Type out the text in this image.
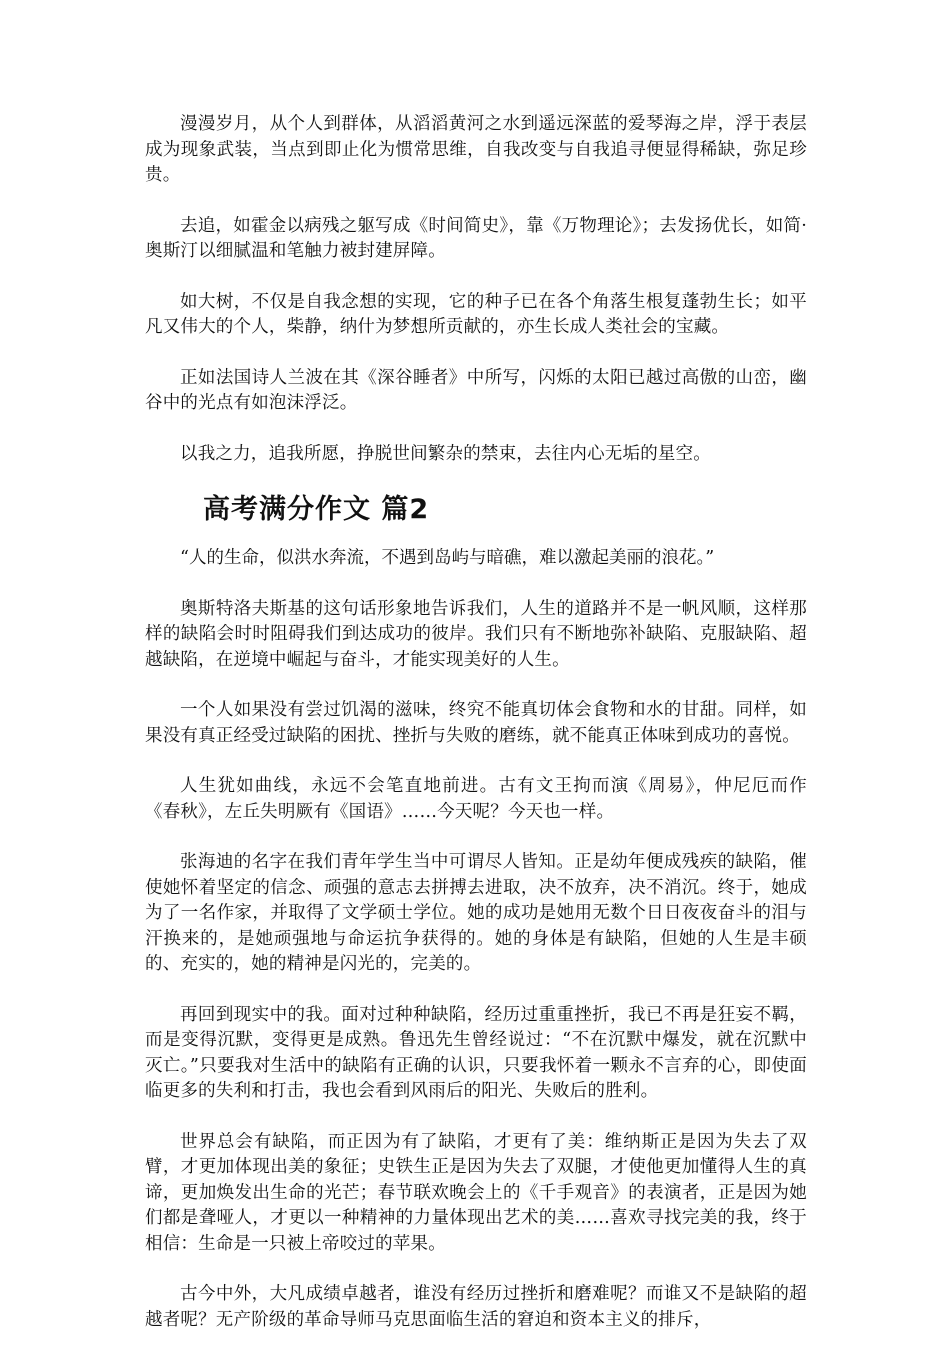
漫漫岁月，从个人到群体，从滔滔黄河之水到遥远深蓝的爱琴海之岸，浮于表层成为现象武装，当点到即止化为惯常思维，自我改变与自我追寻便显得稀缺，弥足珍贵。

去追，如霍金以病残之躯写成《时间简史》，靠《万物理论》；去发扬优长，如简·奥斯汀以细腻温和笔触力被封建屏障。

如大树，不仅是自我念想的实现，它的种子已在各个角落生根复蓬勃生长；如平凡又伟大的个人，柴静，纳什为梦想所贡献的，亦生长成人类社会的宝藏。

正如法国诗人兰波在其《深谷睡者》中所写，闪烁的太阳已越过高傲的山峦，幽谷中的光点有如泡沫浮泛。

以我之力，追我所愿，挣脱世间繁杂的禁束，去往内心无垢的星空。

高考满分作文 篇2

“人的生命，似洪水奔流，不遇到岛屿与暗礁，难以激起美丽的浪花。”

奥斯特洛夫斯基的这句话形象地告诉我们，人生的道路并不是一帆风顺，这样那样的缺陷会时时阻碍我们到达成功的彼岸。我们只有不断地弥补缺陷、克服缺陷、超越缺陷，在逆境中崛起与奋斗，才能实现美好的人生。

一个人如果没有尝过饥渴的滋味，终究不能真切体会食物和水的甘甜。同样，如果没有真正经受过缺陷的困扰、挫折与失败的磨练，就不能真正体味到成功的喜悦。

人生犹如曲线，永远不会笔直地前进。古有文王拘而演《周易》，仲尼厄而作《春秋》，左丘失明厥有《国语》……今天呢？今天也一样。

张海迪的名字在我们青年学生当中可谓尽人皆知。正是幼年便成残疾的缺陷，催使她怀着坚定的信念、顽强的意志去拼搏去进取，决不放弃，决不消沉。终于，她成为了一名作家，并取得了文学硕士学位。她的成功是她用无数个日日夜夜奋斗的泪与汗换来的，是她顽强地与命运抗争获得的。她的身体是有缺陷，但她的人生是丰硕的、充实的，她的精神是闪光的，完美的。

再回到现实中的我。面对过种种缺陷，经历过重重挫折，我已不再是狂妄不羁，而是变得沉默，变得更是成熟。鲁迅先生曾经说过：“不在沉默中爆发，就在沉默中灭亡。”只要我对生活中的缺陷有正确的认识，只要我怀着一颗永不言弃的心，即使面临更多的失利和打击，我也会看到风雨后的阳光、失败后的胜利。

世界总会有缺陷，而正因为有了缺陷，才更有了美：维纳斯正是因为失去了双臂，才更加体现出美的象征；史铁生正是因为失去了双腿，才使他更加懂得人生的真谛，更加焕发出生命的光芒；春节联欢晚会上的《千手观音》的表演者，正是因为她们都是聋哑人，才更以一种精神的力量体现出艺术的美……喜欢寻找完美的我，终于相信：生命是一只被上帝咬过的苹果。

古今中外，大凡成绩卓越者，谁没有经历过挫折和磨难呢？而谁又不是缺陷的超越者呢？无产阶级的革命导师马克思面临生活的窘迫和资本主义的排斥，
